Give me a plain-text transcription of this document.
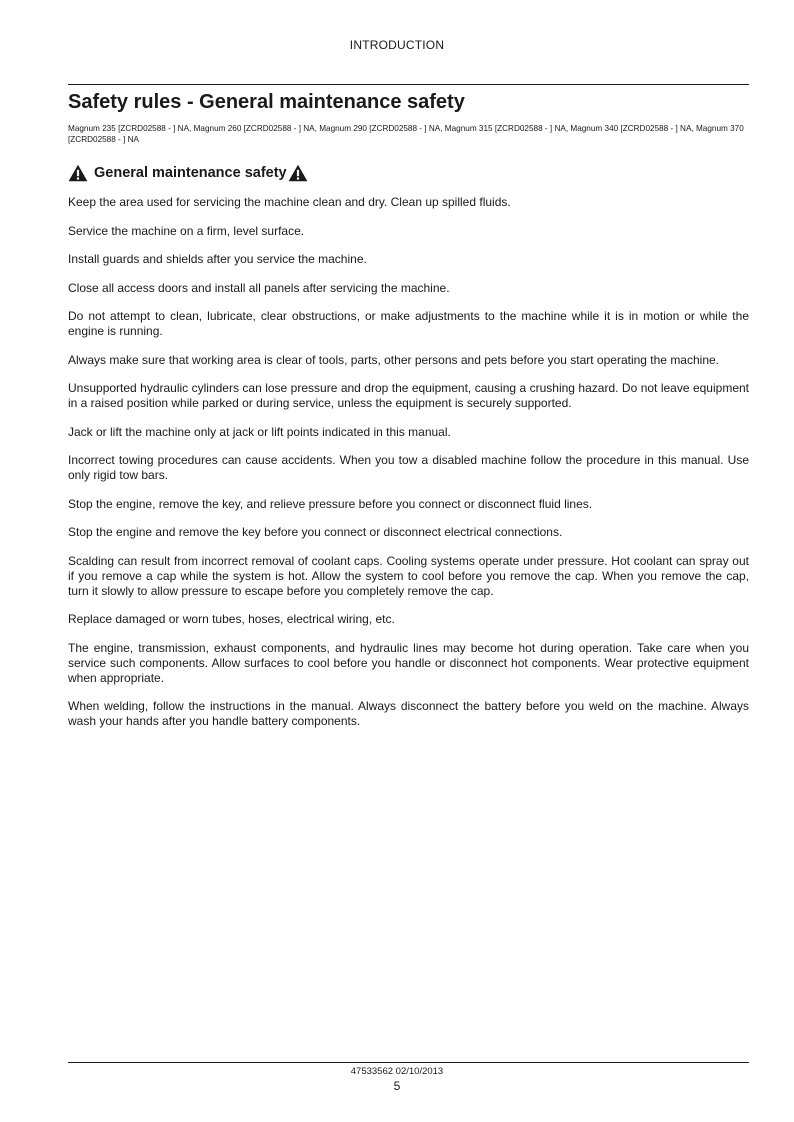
INTRODUCTION
Safety rules - General maintenance safety
Magnum 235 [ZCRD02588 - ] NA, Magnum 260 [ZCRD02588 - ] NA, Magnum 290 [ZCRD02588 - ] NA, Magnum 315 [ZCRD02588 - ] NA, Magnum 340 [ZCRD02588 - ] NA, Magnum 370 [ZCRD02588 - ] NA
General maintenance safety

Keep the area used for servicing the machine clean and dry. Clean up spilled fluids.

Service the machine on a firm, level surface.

Install guards and shields after you service the machine.

Close all access doors and install all panels after servicing the machine.

Do not attempt to clean, lubricate, clear obstructions, or make adjustments to the machine while it is in motion or while the engine is running.

Always make sure that working area is clear of tools, parts, other persons and pets before you start operating the machine.

Unsupported hydraulic cylinders can lose pressure and drop the equipment, causing a crushing hazard. Do not leave equipment in a raised position while parked or during service, unless the equipment is securely supported.

Jack or lift the machine only at jack or lift points indicated in this manual.

Incorrect towing procedures can cause accidents. When you tow a disabled machine follow the procedure in this manual. Use only rigid tow bars.

Stop the engine, remove the key, and relieve pressure before you connect or disconnect fluid lines.

Stop the engine and remove the key before you connect or disconnect electrical connections.

Scalding can result from incorrect removal of coolant caps. Cooling systems operate under pressure. Hot coolant can spray out if you remove a cap while the system is hot. Allow the system to cool before you remove the cap. When you remove the cap, turn it slowly to allow pressure to escape before you completely remove the cap.

Replace damaged or worn tubes, hoses, electrical wiring, etc.

The engine, transmission, exhaust components, and hydraulic lines may become hot during operation. Take care when you service such components. Allow surfaces to cool before you handle or disconnect hot components. Wear protective equipment when appropriate.

When welding, follow the instructions in the manual. Always disconnect the battery before you weld on the machine. Always wash your hands after you handle battery components.

47533562 02/10/2013
5
